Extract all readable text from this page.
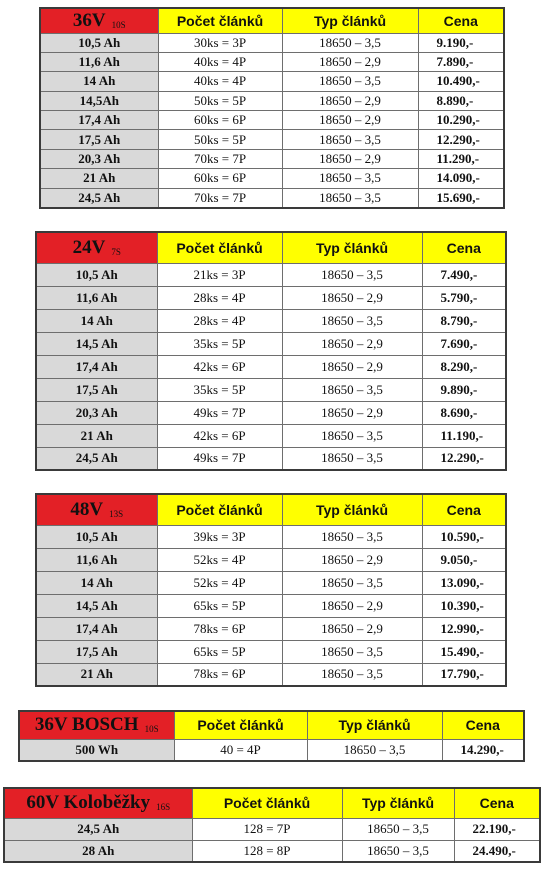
36V 10S	Počet článků	Typ článků	Cena
10,5 Ah	30ks = 3P	18650 – 3,5	9.190,-
11,6 Ah	40ks = 4P	18650 – 2,9	7.890,-
14 Ah	40ks = 4P	18650 – 3,5	10.490,-
14,5Ah	50ks = 5P	18650 – 2,9	8.890,-
17,4 Ah	60ks = 6P	18650 – 2,9	10.290,-
17,5 Ah	50ks = 5P	18650 – 3,5	12.290,-
20,3 Ah	70ks = 7P	18650 – 2,9	11.290,-
21 Ah	60ks = 6P	18650 – 3,5	14.090,-
24,5 Ah	70ks = 7P	18650 – 3,5	15.690,-
24V 7S	Počet článků	Typ článků	Cena
10,5 Ah	21ks = 3P	18650 – 3,5	7.490,-
11,6 Ah	28ks = 4P	18650 – 2,9	5.790,-
14 Ah	28ks = 4P	18650 – 3,5	8.790,-
14,5 Ah	35ks = 5P	18650 – 2,9	7.690,-
17,4 Ah	42ks = 6P	18650 – 2,9	8.290,-
17,5 Ah	35ks = 5P	18650 – 3,5	9.890,-
20,3 Ah	49ks = 7P	18650 – 2,9	8.690,-
21 Ah	42ks = 6P	18650 – 3,5	11.190,-
24,5 Ah	49ks = 7P	18650 – 3,5	12.290,-
48V 13S	Počet článků	Typ článků	Cena
10,5 Ah	39ks = 3P	18650 – 3,5	10.590,-
11,6 Ah	52ks = 4P	18650 – 2,9	9.050,-
14 Ah	52ks = 4P	18650 – 3,5	13.090,-
14,5 Ah	65ks = 5P	18650 – 2,9	10.390,-
17,4 Ah	78ks = 6P	18650 – 2,9	12.990,-
17,5 Ah	65ks = 5P	18650 – 3,5	15.490,-
21 Ah	78ks = 6P	18650 – 3,5	17.790,-
36V BOSCH 10S	Počet článků	Typ článků	Cena
500 Wh	40 = 4P	18650 – 3,5	14.290,-
60V Koloběžky 16S	Počet článků	Typ článků	Cena
24,5 Ah	128 = 7P	18650 – 3,5	22.190,-
28 Ah	128 = 8P	18650 – 3,5	24.490,-
